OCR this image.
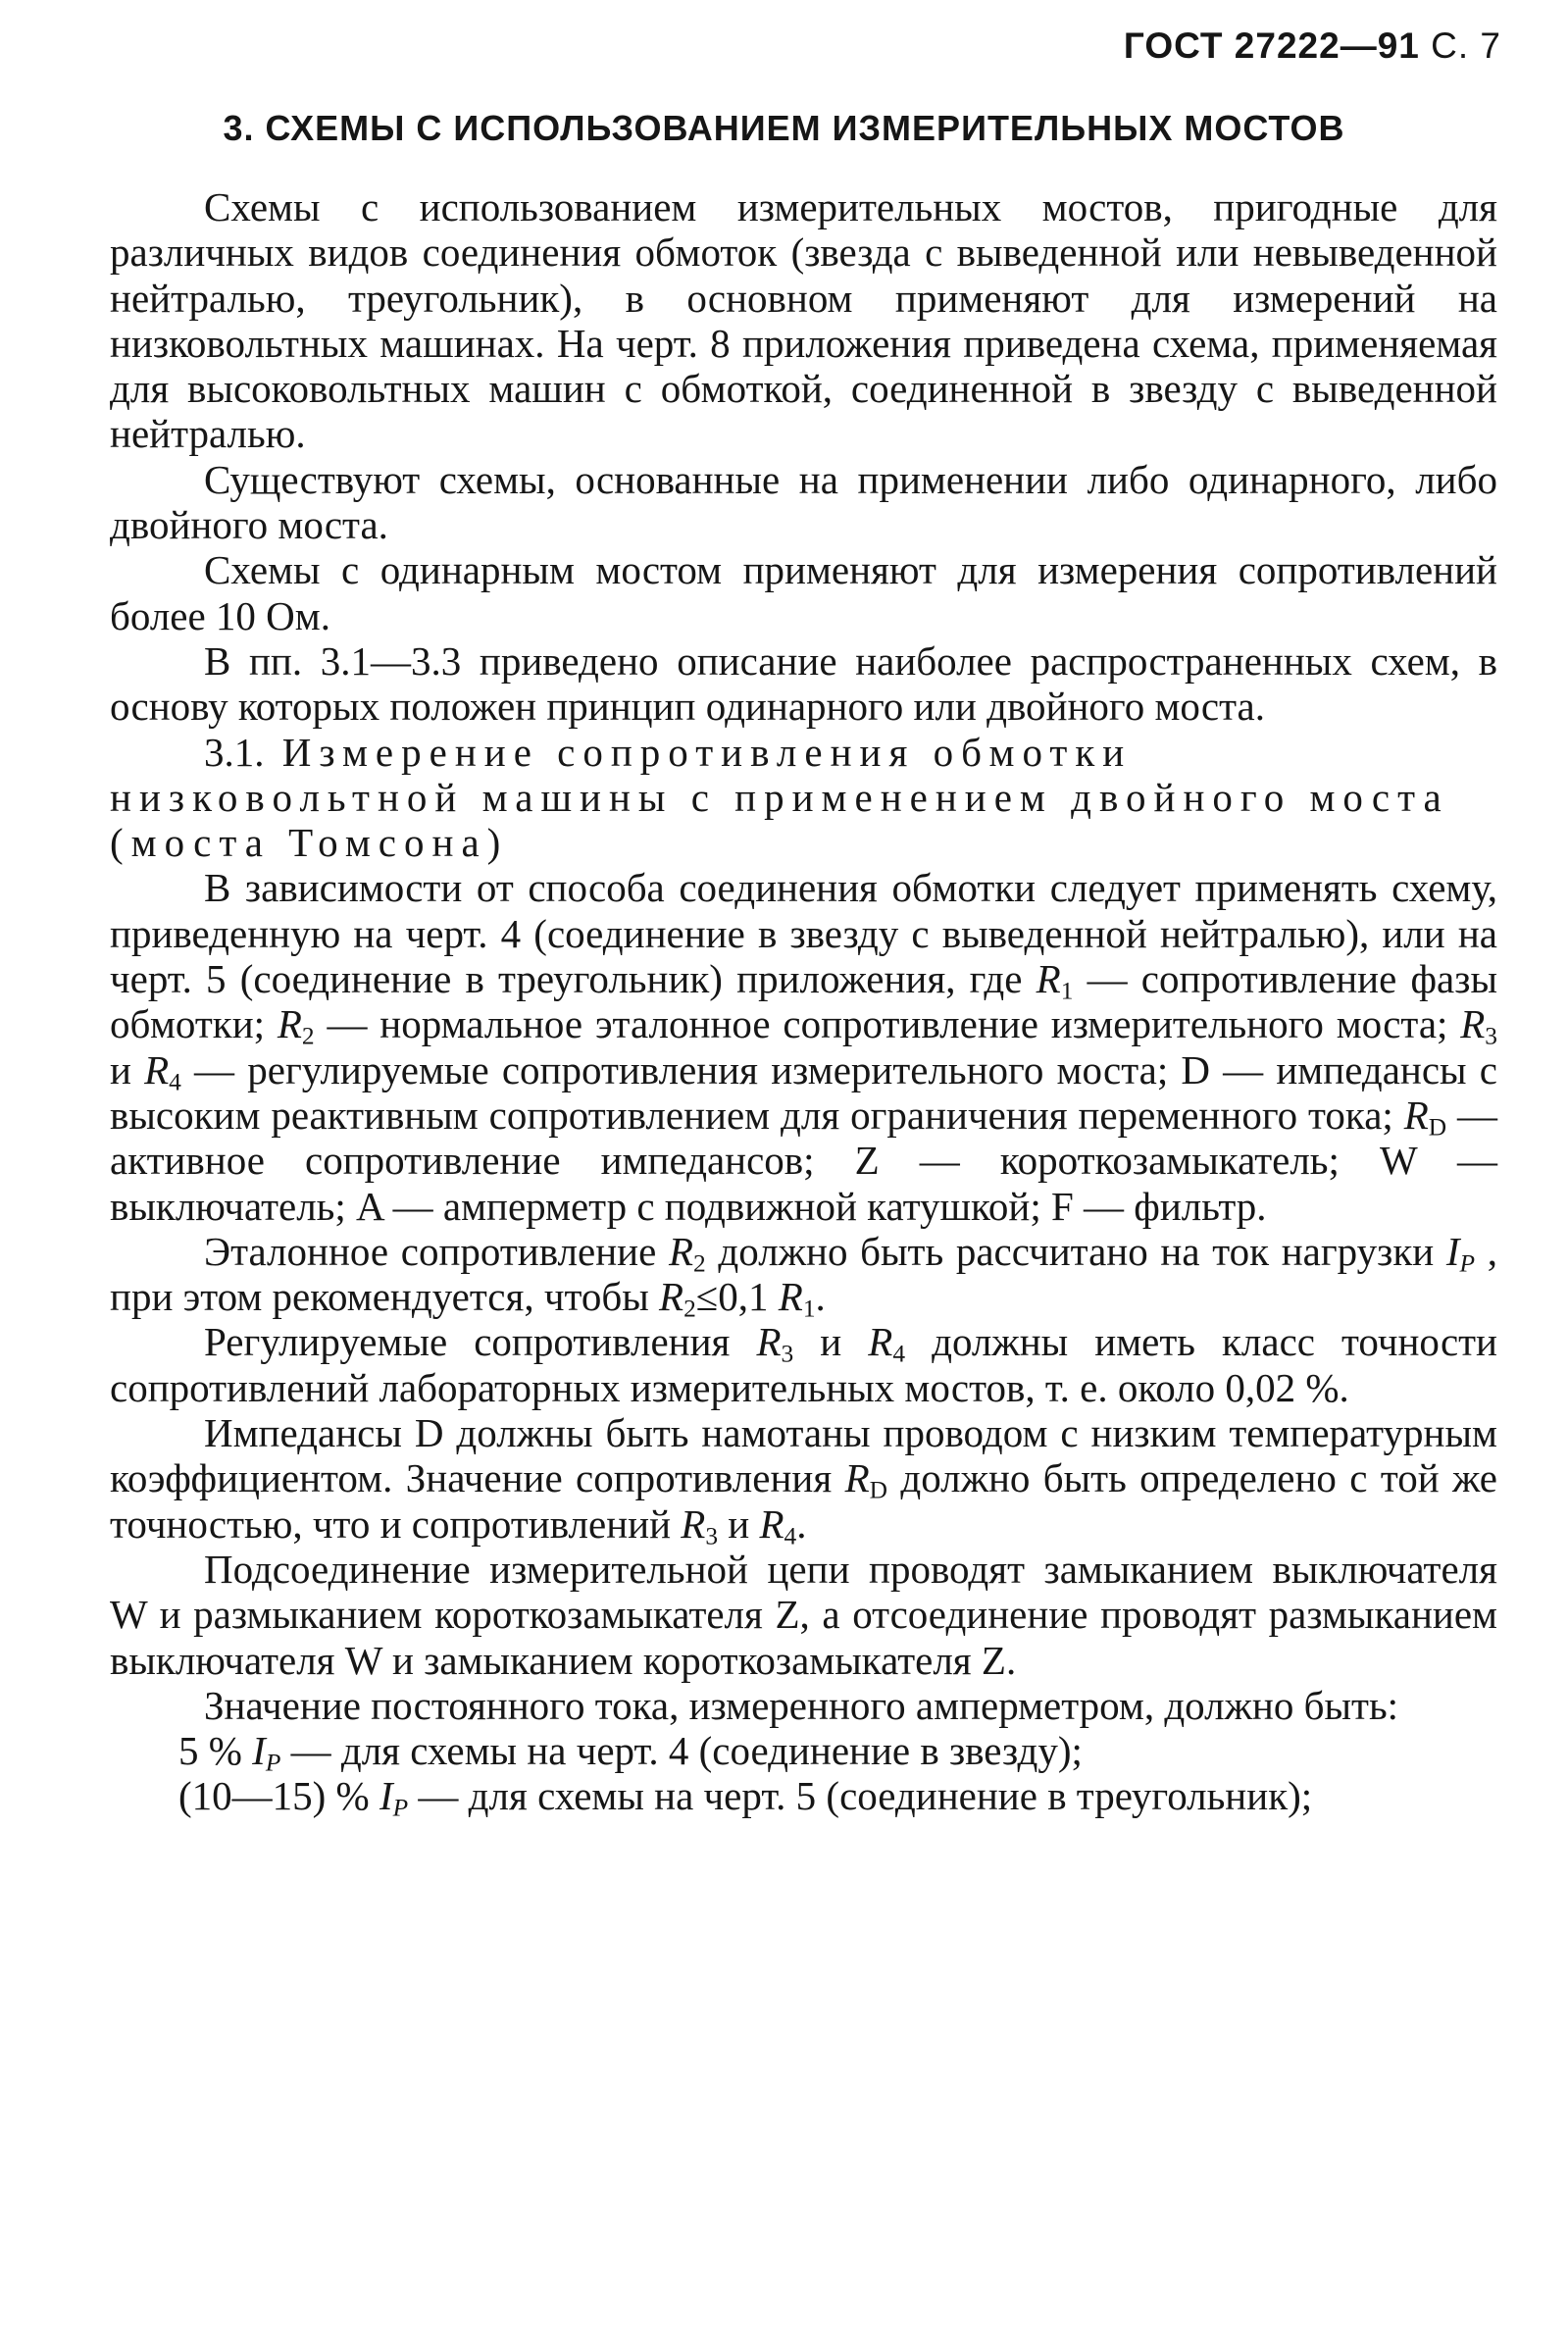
ГОСТ 27222—91 С. 7
3. СХЕМЫ С ИСПОЛЬЗОВАНИЕМ ИЗМЕРИТЕЛЬНЫХ МОСТОВ

Схемы с использованием измерительных мостов, пригодные для различных видов соединения обмоток (звезда с выведенной или невыведенной нейтралью, треугольник), в основном применяют для измерений на низковольтных машинах. На черт. 8 приложения приведена схема, применяемая для высоковольтных машин с обмоткой, соединенной в звезду с выведенной нейтралью.

Существуют схемы, основанные на применении либо одинарного, либо двойного моста.

Схемы с одинарным мостом применяют для измерения сопротивлений более 10 Ом.

В пп. 3.1—3.3 приведено описание наиболее распространенных схем, в основу которых положен принцип одинарного или двойного моста.

3.1. Измерение сопротивления обмотки низковольтной машины с применением двойного моста (моста Томсона)

В зависимости от способа соединения обмотки следует применять схему, приведенную на черт. 4 (соединение в звезду с выведенной нейтралью), или на черт. 5 (соединение в треугольник) приложения, где $R_1$ — сопротивление фазы обмотки; $R_2$ — нормальное эталонное сопротивление измерительного моста; $R_3$ и $R_4$ — регулируемые сопротивления измерительного моста; D — импедансы с высоким реактивным сопротивлением для ограничения переменного тока; $R_D$ — активное сопротивление импедансов; Z — короткозамыкатель; W — выключатель; A — амперметр с подвижной катушкой; F — фильтр.

Эталонное сопротивление $R_2$ должно быть рассчитано на ток нагрузки $I_P$ , при этом рекомендуется, чтобы $R_2\le 0,1$ $R_1$.

Регулируемые сопротивления $R_3$ и $R_4$ должны иметь класс точности сопротивлений лабораторных измерительных мостов, т. е. около 0,02 %.

Импедансы D должны быть намотаны проводом с низким температурным коэффициентом. Значение сопротивления $R_D$ должно быть определено с той же точностью, что и сопротивлений $R_3$ и $R_4$.

Подсоединение измерительной цепи проводят замыканием выключателя W и размыканием короткозамыкателя Z, а отсоединение проводят размыканием выключателя W и замыканием короткозамыкателя Z.

Значение постоянного тока, измеренного амперметром, должно быть:

5 % $I_P$ — для схемы на черт. 4 (соединение в звезду);

(10—15) % $I_P$ — для схемы на черт. 5 (соединение в треугольник);
